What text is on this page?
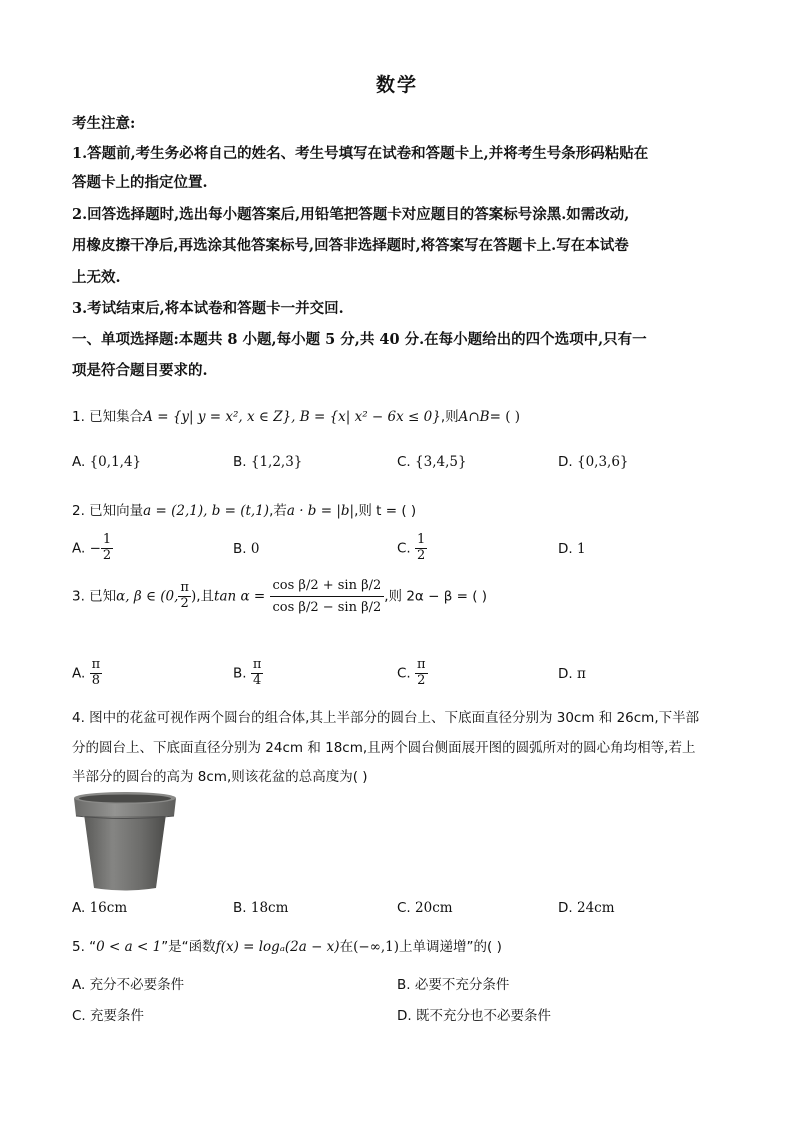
数学
考生注意:
1.答题前,考生务必将自己的姓名、考生号填写在试卷和答题卡上,并将考生号条形码粘贴在
答题卡上的指定位置.
2.回答选择题时,选出每小题答案后,用铅笔把答题卡对应题目的答案标号涂黑.如需改动,
用橡皮擦干净后,再选涂其他答案标号,回答非选择题时,将答案写在答题卡上.写在本试卷
上无效.
3.考试结束后,将本试卷和答题卡一并交回.
一、单项选择题:本题共 8 小题,每小题 5 分,共 40 分.在每小题给出的四个选项中,只有一
项是符合题目要求的.
1. 已知集合A = {y| y = x², x ∈ Z}, B = {x| x² − 6x ≤ 0},则A∩B= ( )
A. {0,1,4}	B. {1,2,3}	C. {3,4,5}	D. {0,3,6}
2. 已知向量a = (2,1), b = (t,1),若a · b = |b|,则 t = ( )
A. − $\frac{1}{2}$	B. 0	C. $\frac{1}{2}$	D. 1
3. 已知α, β ∈ (0, $\frac{\pi}{2}$ ),且$\tan \alpha = \frac{\text{cos β/2 + sin β/2}}{\text{cos β/2 − sin β/2}}$ ,则 2α − β = ( )
A. $\frac{\pi}{8}$	B. $\frac{\pi}{4}$	C. $\frac{\pi}{2}$	D. π
4. 图中的花盆可视作两个圆台的组合体,其上半部分的圆台上、下底面直径分别为 30cm 和 26cm,下半部
分的圆台上、下底面直径分别为 24cm 和 18cm,且两个圆台侧面展开图的圆弧所对的圆心角均相等,若上
半部分的圆台的高为 8cm,则该花盆的总高度为( )
A. 16cm	B. 18cm	C. 20cm	D. 24cm
5. “0 < a < 1”是“函数f(x) = logₐ(2a − x)在(−∞,1)上单调递增”的( )
A. 充分不必要条件	B. 必要不充分条件
C. 充要条件	D. 既不充分也不必要条件
